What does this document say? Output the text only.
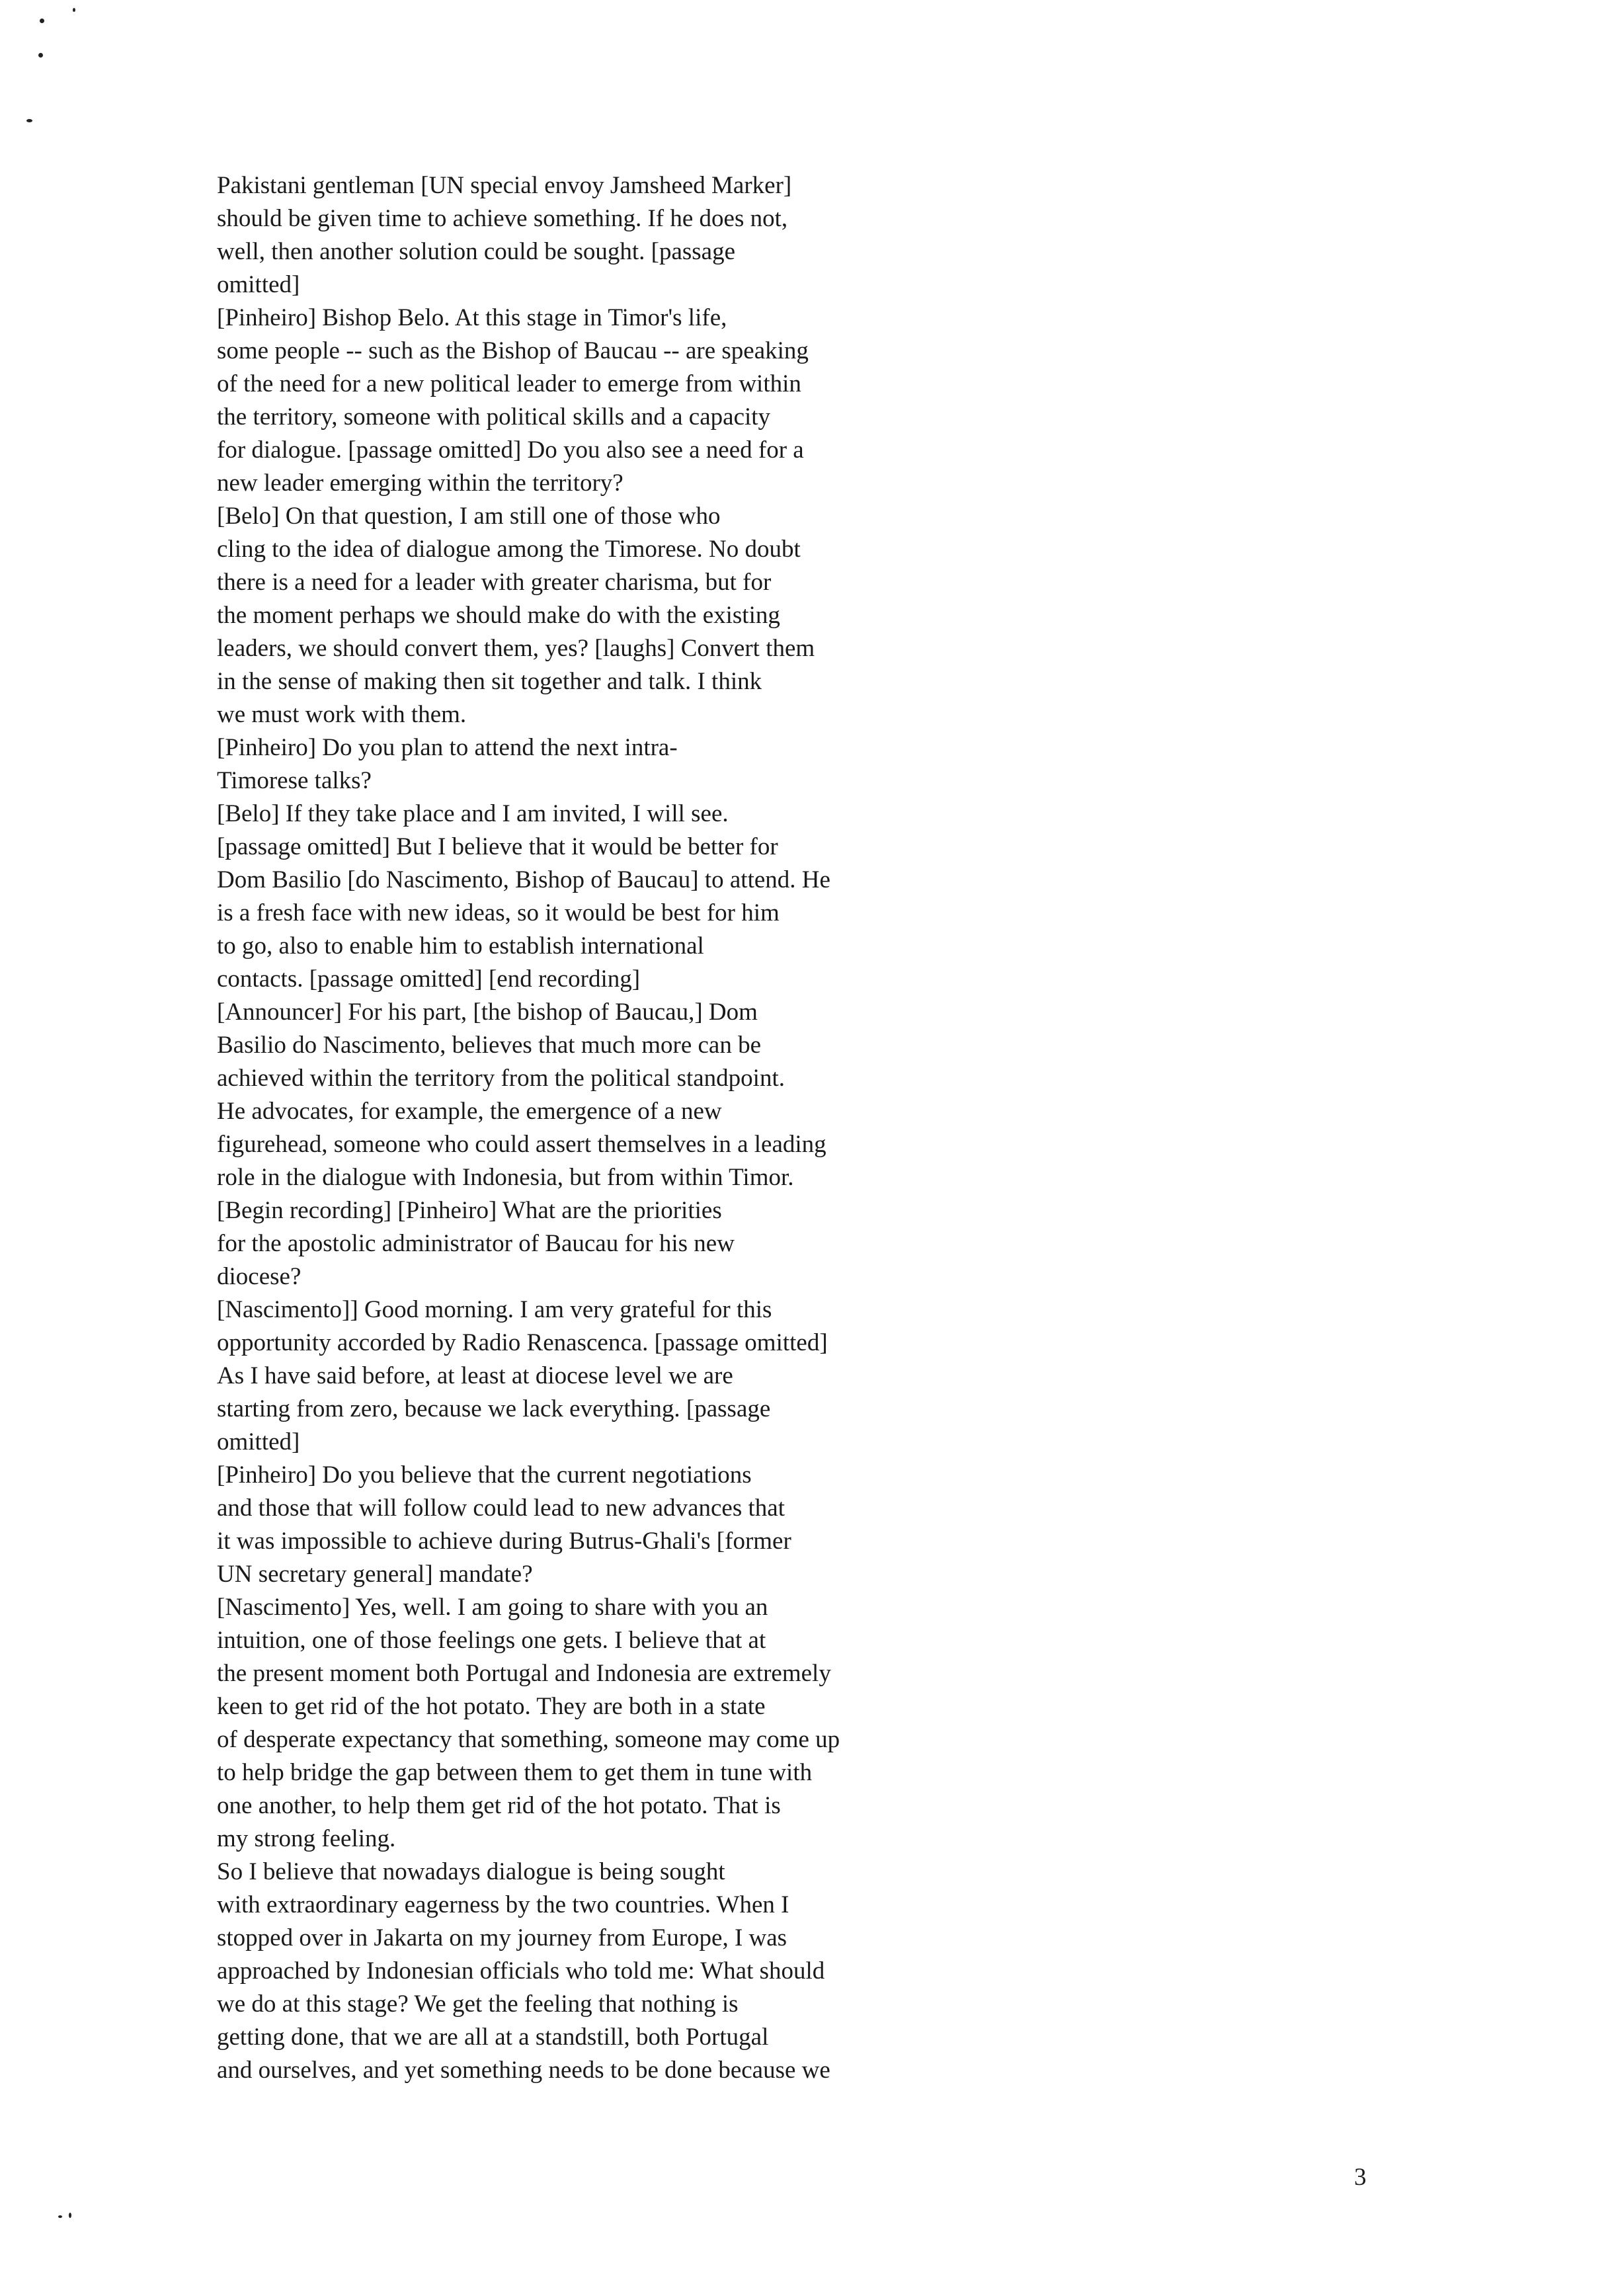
Pakistani gentleman [UN special envoy Jamsheed Marker]
should be given time to achieve something. If he does not,
well, then another solution could be sought. [passage
omitted]
[Pinheiro] Bishop Belo. At this stage in Timor's life,
some people -- such as the Bishop of Baucau -- are speaking
of the need for a new political leader to emerge from within
the territory, someone with political skills and a capacity
for dialogue. [passage omitted] Do you also see a need for a
new leader emerging within the territory?
[Belo] On that question, I am still one of those who
cling to the idea of dialogue among the Timorese. No doubt
there is a need for a leader with greater charisma, but for
the moment perhaps we should make do with the existing
leaders, we should convert them, yes? [laughs] Convert them
in the sense of making then sit together and talk. I think
we must work with them.
[Pinheiro] Do you plan to attend the next intra-
Timorese talks?
[Belo] If they take place and I am invited, I will see.
[passage omitted] But I believe that it would be better for
Dom Basilio [do Nascimento, Bishop of Baucau] to attend. He
is a fresh face with new ideas, so it would be best for him
to go, also to enable him to establish international
contacts. [passage omitted] [end recording]
[Announcer] For his part, [the bishop of Baucau,] Dom
Basilio do Nascimento, believes that much more can be
achieved within the territory from the political standpoint.
He advocates, for example, the emergence of a new
figurehead, someone who could assert themselves in a leading
role in the dialogue with Indonesia, but from within Timor.
[Begin recording] [Pinheiro] What are the priorities
for the apostolic administrator of Baucau for his new
diocese?
[Nascimento]] Good morning. I am very grateful for this
opportunity accorded by Radio Renascenca. [passage omitted]
As I have said before, at least at diocese level we are
starting from zero, because we lack everything. [passage
omitted]
[Pinheiro] Do you believe that the current negotiations
and those that will follow could lead to new advances that
it was impossible to achieve during Butrus-Ghali's [former
UN secretary general] mandate?
[Nascimento] Yes, well. I am going to share with you an
intuition, one of those feelings one gets. I believe that at
the present moment both Portugal and Indonesia are extremely
keen to get rid of the hot potato. They are both in a state
of desperate expectancy that something, someone may come up
to help bridge the gap between them to get them in tune with
one another, to help them get rid of the hot potato. That is
my strong feeling.
So I believe that nowadays dialogue is being sought
with extraordinary eagerness by the two countries. When I
stopped over in Jakarta on my journey from Europe, I was
approached by Indonesian officials who told me: What should
we do at this stage? We get the feeling that nothing is
getting done, that we are all at a standstill, both Portugal
and ourselves, and yet something needs to be done because we
3
